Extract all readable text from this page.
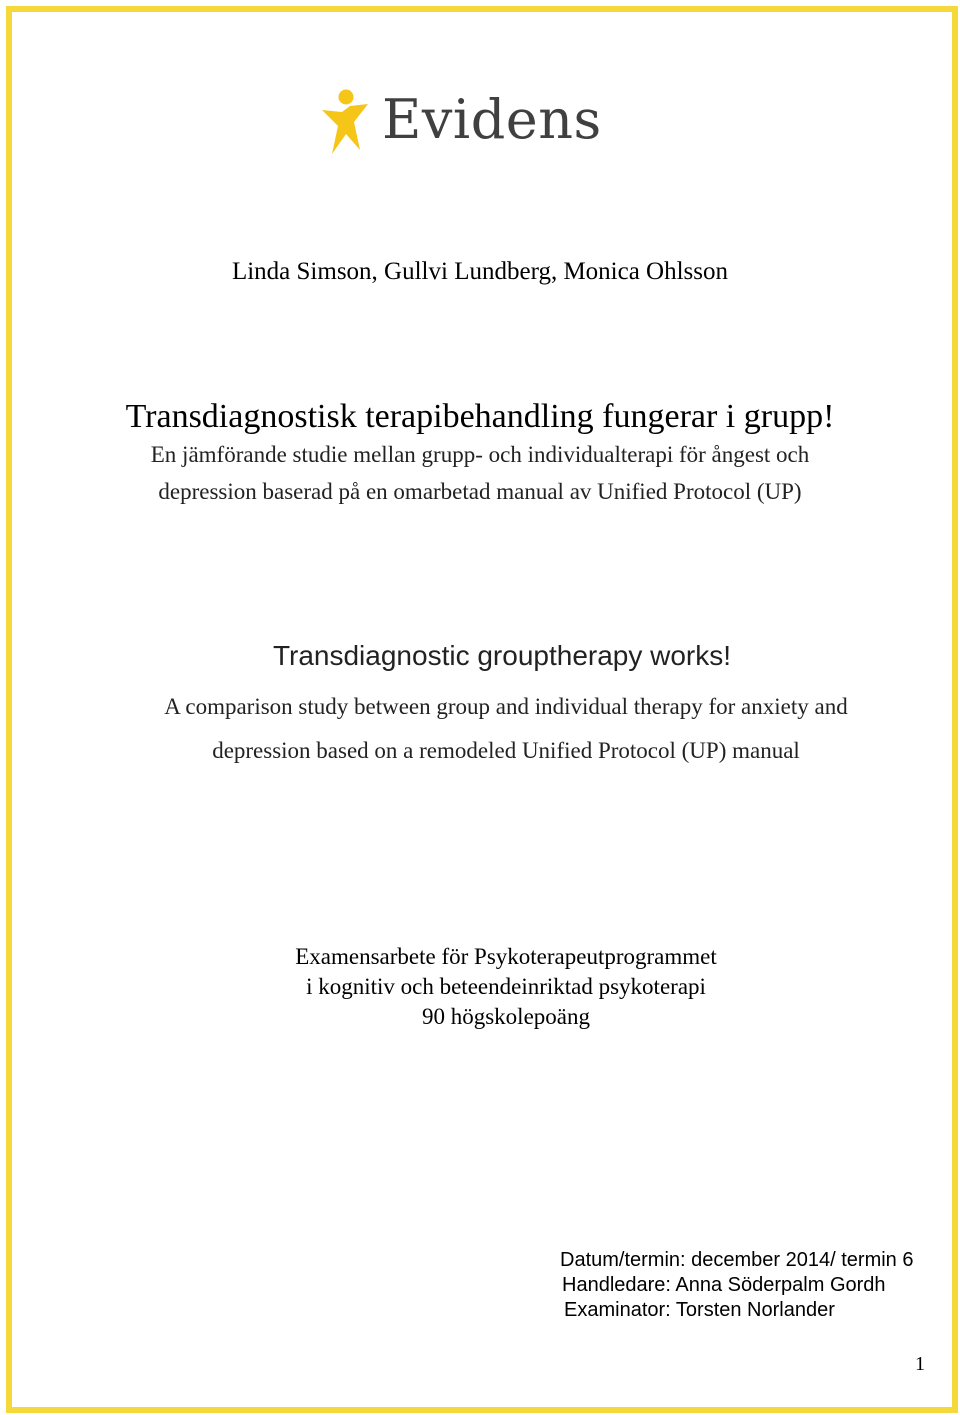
Evidens
Linda Simson, Gullvi Lundberg, Monica Ohlsson
Transdiagnostisk terapibehandling fungerar i grupp!
En jämförande studie mellan grupp- och individualterapi för ångest och
depression baserad på en omarbetad manual av Unified Protocol (UP)
Transdiagnostic grouptherapy works!
A comparison study between group and individual therapy for anxiety and
depression based on a remodeled Unified Protocol (UP) manual
Examensarbete för Psykoterapeutprogrammet
i kognitiv och beteendeinriktad psykoterapi
90 högskolepoäng
Datum/termin: december 2014/ termin 6
Handledare: Anna Söderpalm Gordh
Examinator: Torsten Norlander
1
